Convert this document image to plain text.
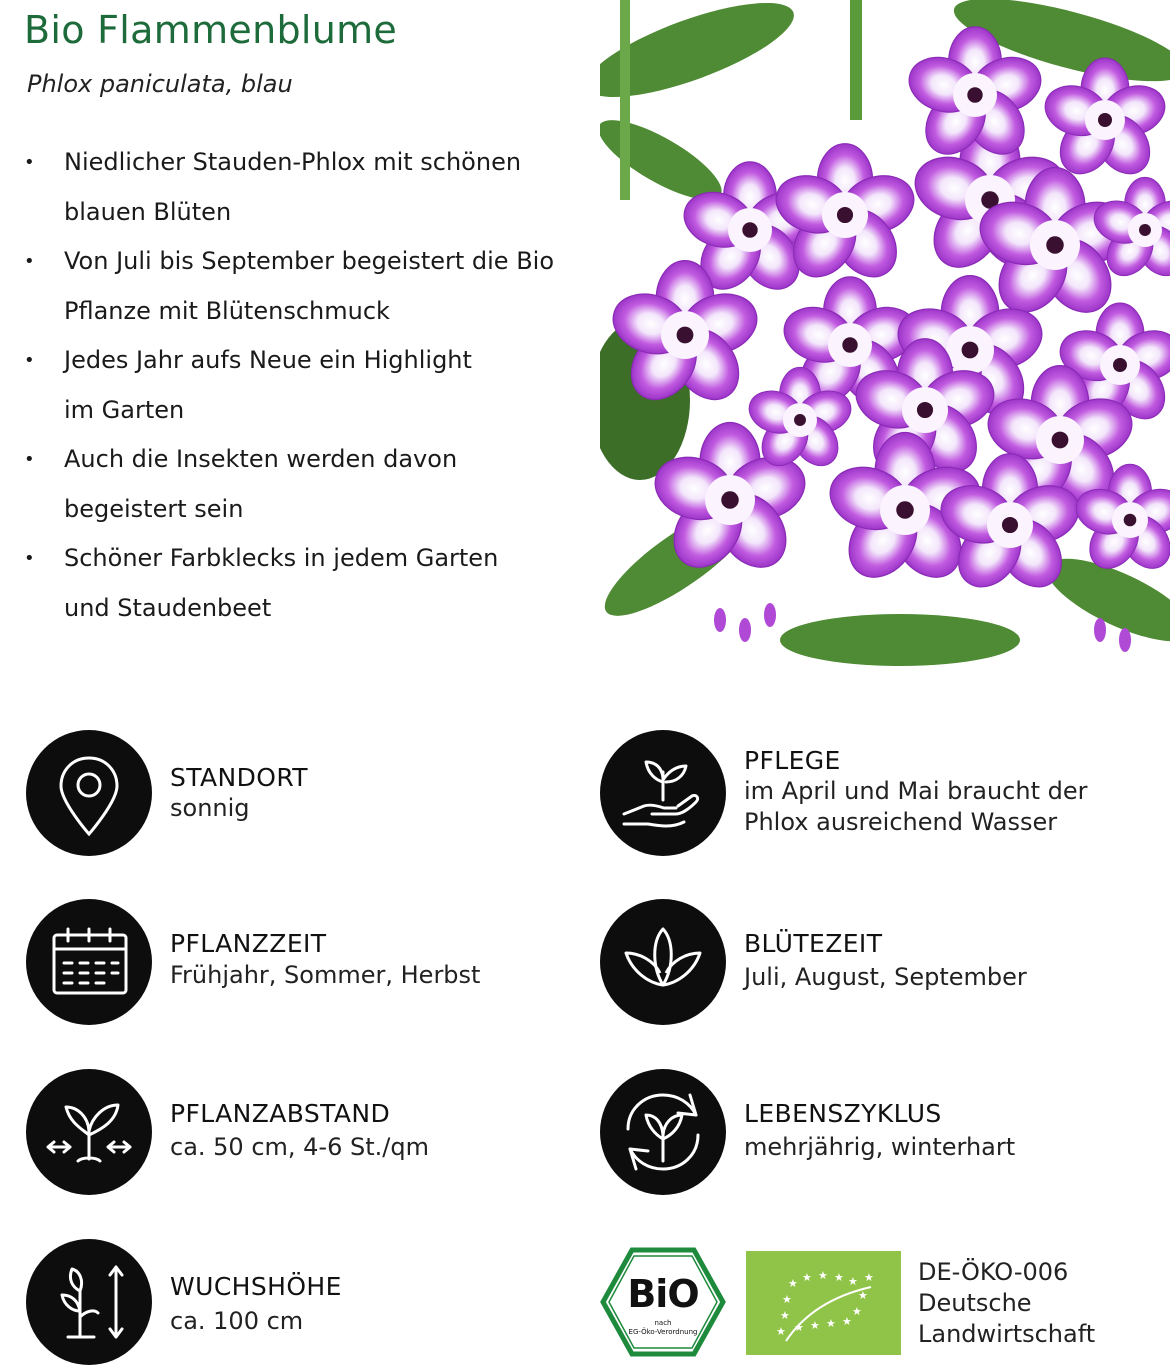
Bio Flammenblume
Phlox paniculata, blau
• Niedlicher Stauden-Phlox mit schönen
blauen Blüten
• Von Juli bis September begeistert die Bio
Pflanze mit Blütenschmuck
• Jedes Jahr aufs Neue ein Highlight
im Garten
• Auch die Insekten werden davon
begeistert sein
• Schöner Farbklecks in jedem Garten
und Staudenbeet
STANDORT
sonnig
PFLEGE
im April und Mai braucht der
Phlox ausreichend Wasser
PFLANZZEIT
Frühjahr, Sommer, Herbst
BLÜTEZEIT
Juli, August, September
PFLANZABSTAND
ca. 50 cm, 4-6 St./qm
LEBENSZYKLUS
mehrjährig, winterhart
WUCHSHÖHE
ca. 100 cm
BiO
nach
EG-Öko-Verordnung
★ ★ ★ ★ ★ ★
★	★
★	★
★ ★ ★ ★ ★
DE-ÖKO-006
Deutsche
Landwirtschaft
